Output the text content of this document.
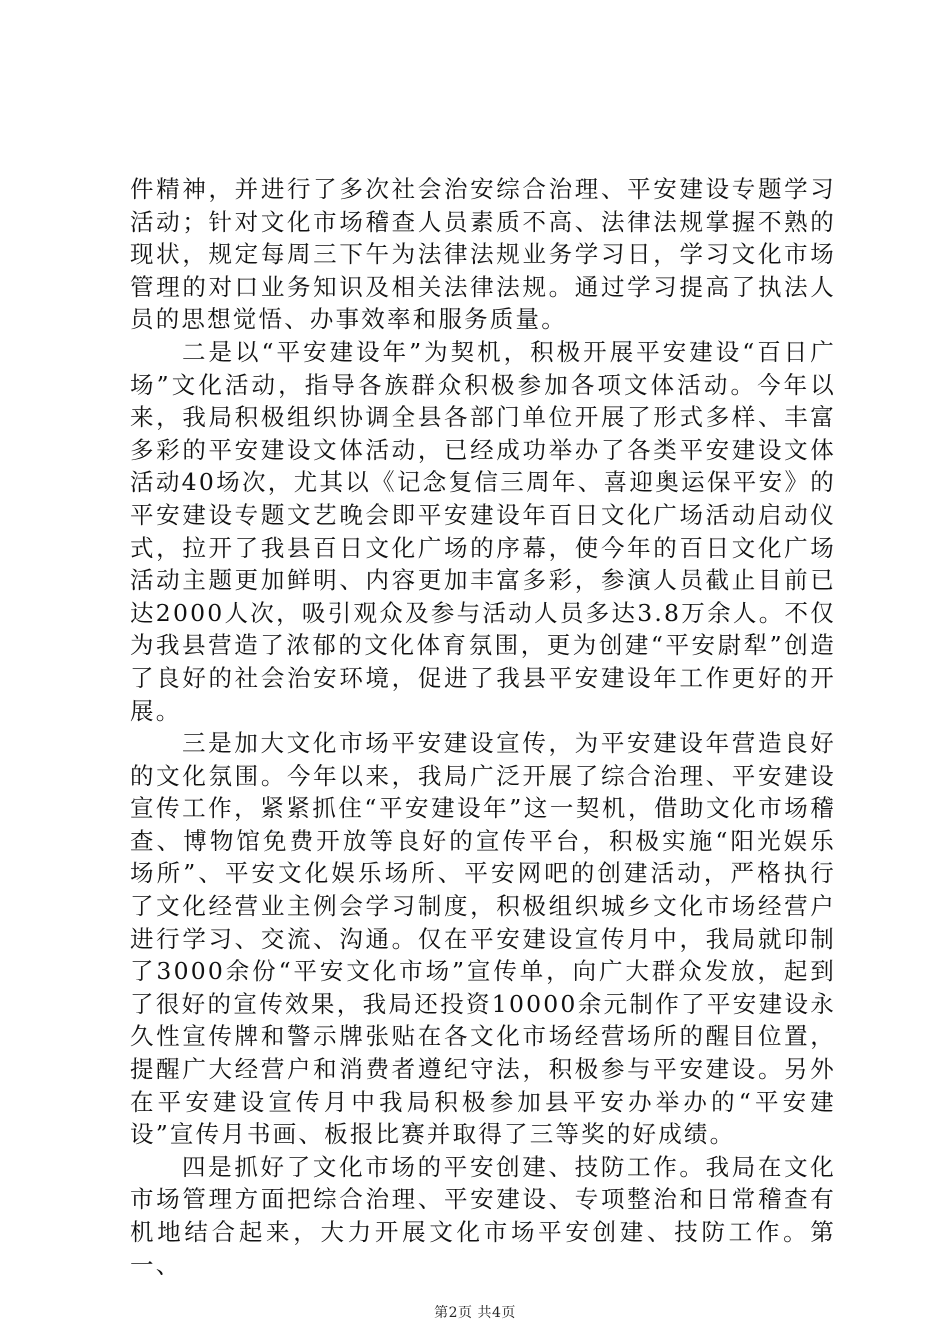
件精神，并进行了多次社会治安综合治理、平安建设专题学习活动；针对文化市场稽查人员素质不高、法律法规掌握不熟的现状，规定每周三下午为法律法规业务学习日，学习文化市场管理的对口业务知识及相关法律法规。通过学习提高了执法人员的思想觉悟、办事效率和服务质量。

二是以“平安建设年”为契机，积极开展平安建设“百日广场”文化活动，指导各族群众积极参加各项文体活动。今年以来，我局积极组织协调全县各部门单位开展了形式多样、丰富多彩的平安建设文体活动，已经成功举办了各类平安建设文体活动40场次，尤其以《记念复信三周年、喜迎奥运保平安》的平安建设专题文艺晚会即平安建设年百日文化广场活动启动仪式，拉开了我县百日文化广场的序幕，使今年的百日文化广场活动主题更加鲜明、内容更加丰富多彩，参演人员截止目前已达2000人次，吸引观众及参与活动人员多达3.8万余人。不仅为我县营造了浓郁的文化体育氛围，更为创建“平安尉犁”创造了良好的社会治安环境，促进了我县平安建设年工作更好的开展。

三是加大文化市场平安建设宣传，为平安建设年营造良好的文化氛围。今年以来，我局广泛开展了综合治理、平安建设宣传工作，紧紧抓住“平安建设年”这一契机，借助文化市场稽查、博物馆免费开放等良好的宣传平台，积极实施“阳光娱乐场所”、平安文化娱乐场所、平安网吧的创建活动，严格执行了文化经营业主例会学习制度，积极组织城乡文化市场经营户进行学习、交流、沟通。仅在平安建设宣传月中，我局就印制了3000余份“平安文化市场”宣传单，向广大群众发放，起到了很好的宣传效果，我局还投资10000余元制作了平安建设永久性宣传牌和警示牌张贴在各文化市场经营场所的醒目位置，提醒广大经营户和消费者遵纪守法，积极参与平安建设。另外在平安建设宣传月中我局积极参加县平安办举办的“平安建设”宣传月书画、板报比赛并取得了三等奖的好成绩。

四是抓好了文化市场的平安创建、技防工作。我局在文化市场管理方面把综合治理、平安建设、专项整治和日常稽查有机地结合起来，大力开展文化市场平安创建、技防工作。第一、

第2页 共4页
